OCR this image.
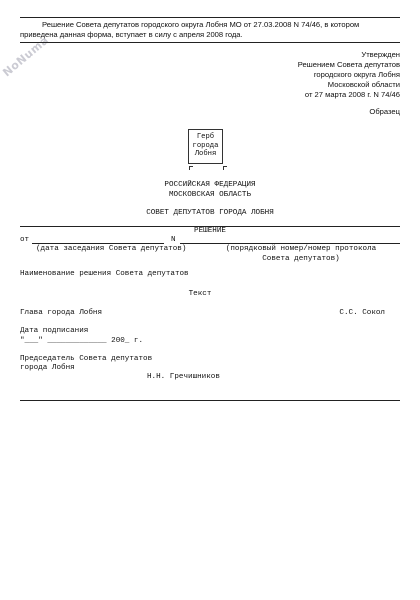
NoNuma
Решение Совета депутатов городского округа Лобня МО от 27.03.2008 N 74/46, в котором
приведена данная форма, вступает в силу с апреля 2008 года.
Утвержден
Решением Совета депутатов
городского округа Лобня
Московской области
от 27 марта 2008 г. N 74/46
Образец
Герб
города
Лобня
РОССИЙСКАЯ ФЕДЕРАЦИЯ
МОСКОВСКАЯ ОБЛАСТЬ
СОВЕТ ДЕПУТАТОВ ГОРОДА ЛОБНЯ
РЕШЕНИЕ
от	N
(дата заседания Совета депутатов)	(порядковый номер/номер протокола
Совета депутатов)
Наименование решения Совета депутатов
Текст
Глава города Лобня	С.С. Сокол
Дата подписания
"___" _____________ 200_ г.
Председатель Совета депутатов
города Лобня
Н.Н. Гречишников
